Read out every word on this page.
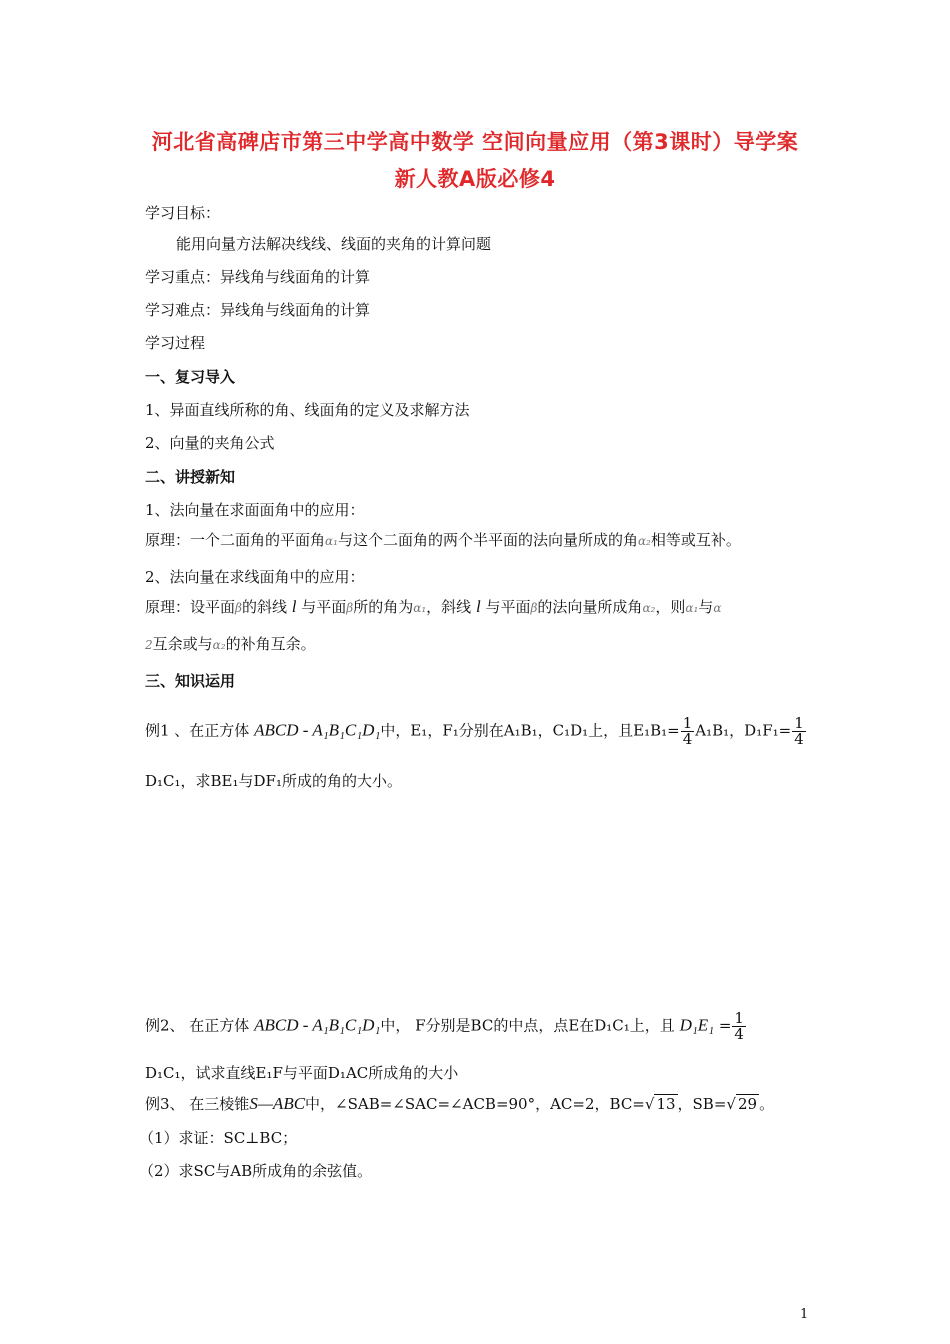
河北省高碑店市第三中学高中数学 空间向量应用（第3课时）导学案
新人教A版必修4
学习目标：
能用向量方法解决线线、线面的夹角的计算问题
学习重点：异线角与线面角的计算
学习难点：异线角与线面角的计算
学习过程
一、复习导入
1、异面直线所称的角、线面角的定义及求解方法
2、向量的夹角公式
二、讲授新知
1、法向量在求面面角中的应用：
原理：一个二面角的平面角α₁与这个二面角的两个半平面的法向量所成的角α₂相等或互补。
2、法向量在求线面角中的应用：
原理：设平面β的斜线 l 与平面β所的角为α₁，斜线 l 与平面β的法向量所成角α₂，则α₁与α
2互余或与α₂的补角互余。
三、知识运用
例1 、在正方体 ABCD - A₁B₁C₁D₁中，E₁，F₁分别在A₁B₁，C₁D₁上，且$E_1B_1= \frac{1}{4} A_1B_1$，$D_1F_1= \frac{1}{4}$
D₁C₁，求BE₁与DF₁所成的角的大小。
例2、 在正方体 ABCD - A₁B₁C₁D₁中， F分别是BC的中点，点E在D₁C₁上，且 $D_1E_1 = \frac{1}{4}$
D₁C₁，试求直线E₁F与平面D₁AC所成角的大小
例3、 在三棱锥S—ABC中，∠SAB=∠SAC=∠ACB=90°，AC=2，BC=√ 13 ，SB=√ 29 。
（1）求证：SC⊥BC；
（2）求SC与AB所成角的余弦值。
1
